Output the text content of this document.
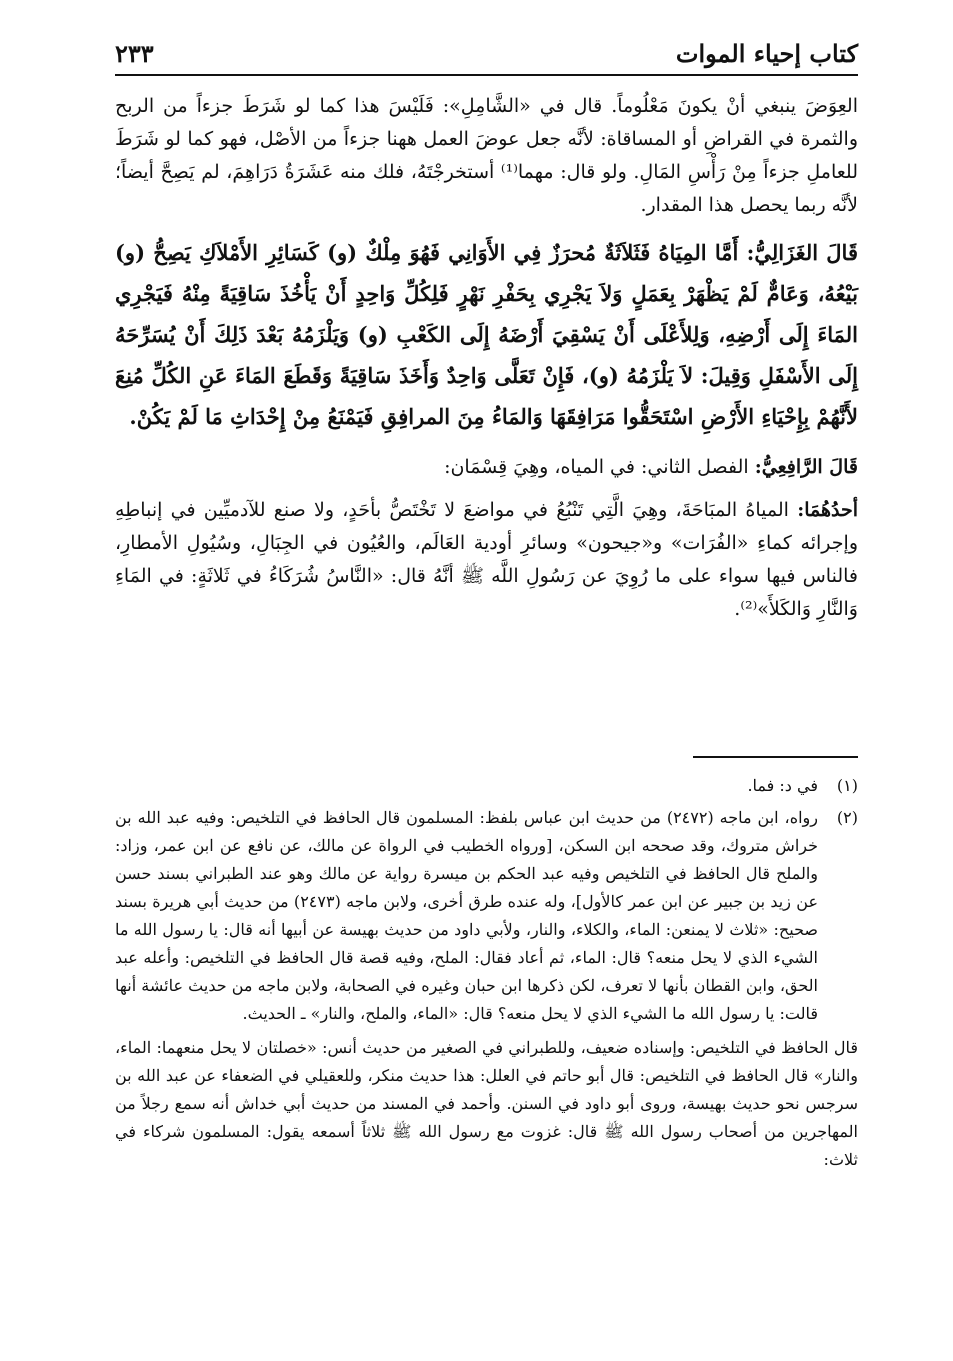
٢٣٣	كتاب إحياء الموات

العِوَضَ ينبغي أنْ يكونَ مَعْلُوماً. قال في «الشَّامِلِ»: فَلَيْسَ هذا كما لو شَرَطَ جزءاً من الربح والثمرة في القراضِ أو المساقاة: لأنَّه جعل عوضَ العمل ههنا جزءاً من الأصْل، فهو كما لو شَرَطَ للعاملِ جزءاً مِنْ رَأْسِ المَالِ. ولو قال: مهما⁽¹⁾ أستخرجْتَهُ، فلك منه عَشَرَةُ دَرَاهِمَ، لم يَصِحَّ أيضاً؛ لأنَّه ربما يحصل هذا المقدار.

قَالَ الغَزَالِيُّ: أَمَّا المِيَاهُ فَثَلاَثَةٌ مُحرَزٌ فِي الأَوَانِي فَهُوَ مِلْكٌ (و) كَسَائِرِ الأَمْلاَكِ يَصِحُّ (و) بَيْعُهُ، وَعَامٌّ لَمْ يَظْهَرْ بِعَمَلٍ وَلاَ يَجْرِي بِحَفْرِ نَهْرٍ فَلِكُلِّ وَاحِدٍ أَنْ يَأْخُذَ سَاقِيَةً مِنْهُ فَيَجْرِي المَاءَ إِلَى أَرْضِهِ، وَلِلأَعْلَى أَنْ يَسْقِيَ أَرْضَهُ إِلَى الكَعْبِ (و) وَيَلْزَمُهُ بَعْدَ ذَلِكَ أَنْ يُسَرِّحَهُ إِلَى الأَسْفَلِ وَقِيلَ: لاَ يَلْزَمُهُ (و)، فَإِنْ تَعَلَّى وَاحِدٌ وَأَخَذَ سَاقِيَةً وَقَطَعَ المَاءَ عَنِ الكُلِّ مُنِعَ لأَنَّهُمْ بِإِحْيَاءِ الأَرْضِ اسْتَحَقُّوا مَرَافِقَهَا وَالمَاءُ مِنَ المرافِقِ فَيَمْنَعُ مِنْ إِحْدَاثِ مَا لَمْ يَكُنْ.

قَالَ الرَّافِعِيُّ: الفصل الثاني: في المياه، وهِيَ قِسْمَان:

أحدُهُمَا: المياهُ المبَاحَةَ، وهِيَ الَّتِي تَنْبُعُ في مواضعَ لا تَخْتَصُّ بأحَدٍ، ولا صنع للآدميِّين في إنباطِهِ وإجرائه كماءِ «الفُرَات» و«جيحون» وسائرِ أودية العَالَم، والعُيُون في الجِبَالِ، وسُيُولِ الأمطارِ، فالناس فيها سواء على ما رُوِيَ عن رَسُولِ اللَّه ﷺ أنَّهُ قال: «النَّاسُ شُرَكَاءُ في ثَلاثَةٍ: في المَاءِ وَالنَّارِ وَالكَلأَ»⁽²⁾.

(١)
في د: فما.
(٢)
رواه، ابن ماجه (٢٤٧٢) من حديث ابن عباس بلفظ: المسلمون قال الحافظ في التلخيص: وفيه عبد الله بن خراش متروك، وقد صححه ابن السكن، [ورواه الخطيب في الرواة عن مالك، عن نافع عن ابن عمر، وزاد: والملح قال الحافظ في التلخيص وفيه عبد الحكم بن ميسرة رواية عن مالك وهو عند الطبراني بسند حسن عن زيد بن جبير عن ابن عمر كالأول]، وله عنده طرق أخرى، ولابن ماجه (٢٤٧٣) من حديث أبي هريرة بسند صحيح: «ثلاث لا يمنعن: الماء، والكلاء، والنار، ولأبي داود من حديث بهيسة عن أبيها أنه قال: يا رسول الله ما الشيء الذي لا يحل منعه؟ قال: الماء، ثم أعاد فقال: الملح، وفيه قصة قال الحافظ في التلخيص: وأعله عبد الحق، وابن القطان بأنها لا تعرف، لكن ذكرها ابن حبان وغيره في الصحابة، ولابن ماجه من حديث عائشة أنها قالت: يا رسول الله ما الشيء الذي لا يحل منعه؟ قال: «الماء، والملح، والنار» ـ الحديث.
قال الحافظ في التلخيص: وإسناده ضعيف، وللطبراني في الصغير من حديث أنس: «خصلتان لا يحل منعهما: الماء، والنار» قال الحافظ في التلخيص: قال أبو حاتم في العلل: هذا حديث منكر، وللعقيلي في الضعفاء عن عبد الله بن سرجس نحو حديث بهيسة، وروى أبو داود في السنن. وأحمد في المسند من حديث أبي خداش أنه سمع رجلاً من المهاجرين من أصحاب رسول الله ﷺ قال: غزوت مع رسول الله ﷺ ثلاثاً أسمعه يقول: المسلمون شركاء في ثلاث:
